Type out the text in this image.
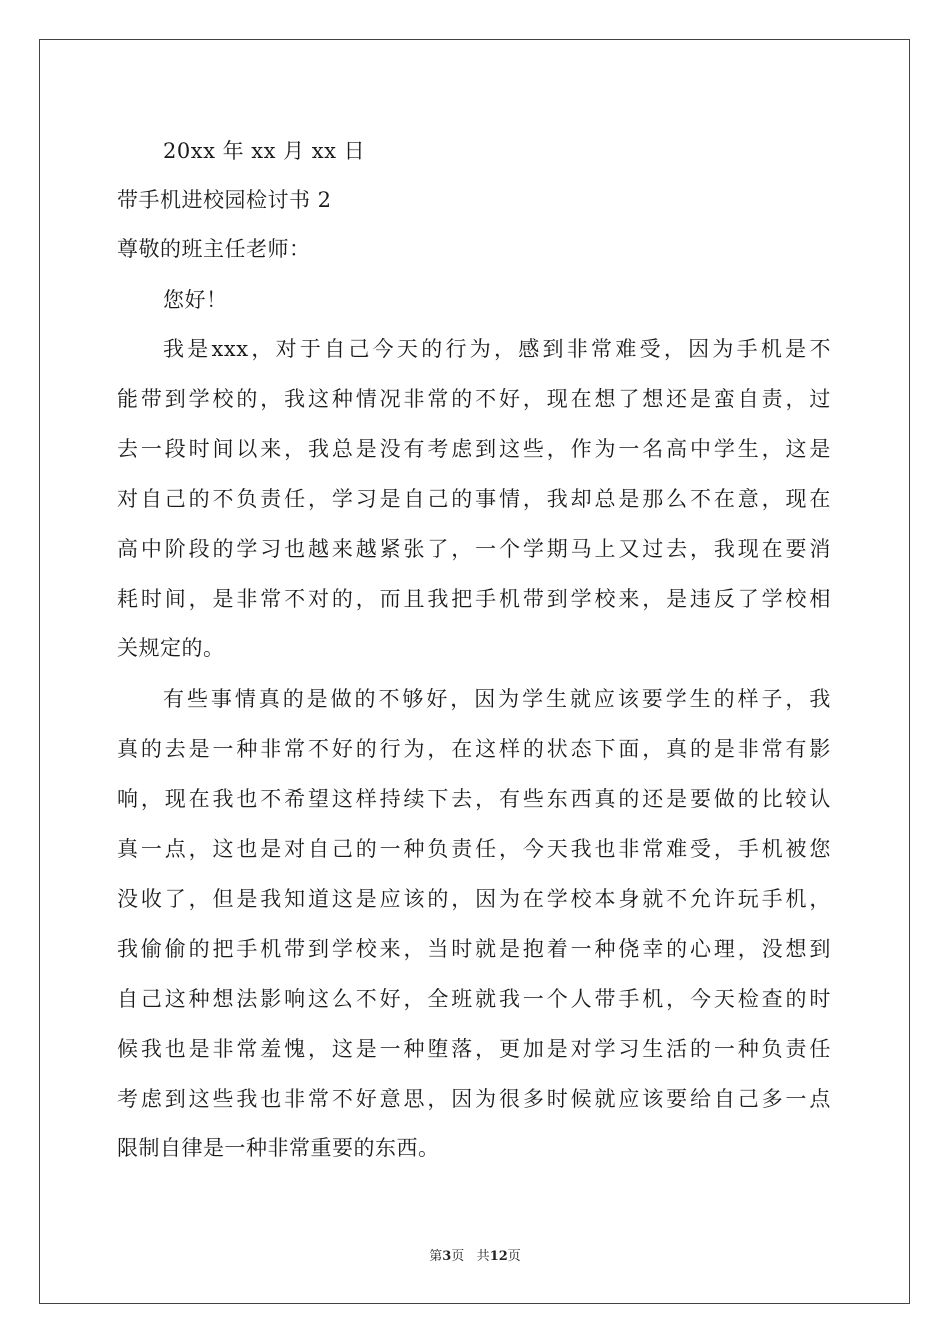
20xx 年 xx 月 xx 日
带手机进校园检讨书 2
尊敬的班主任老师：
您好！
我 是 xxx ， 对 于 自 己 今 天 的 行 为 ， 感 到 非 常 难 受 ， 因 为 手 机 是 不
能 带 到 学 校 的 ， 我 这 种 情 况 非 常 的 不 好 ， 现 在 想 了 想 还 是 蛮 自 责 ， 过
去 一 段 时 间 以 来 ， 我 总 是 没 有 考 虑 到 这 些 ， 作 为 一 名 高 中 学 生 ， 这 是
对 自 己 的 不 负 责 任 ， 学 习 是 自 己 的 事 情 ， 我 却 总 是 那 么 不 在 意 ， 现 在
高 中 阶 段 的 学 习 也 越 来 越 紧 张 了 ， 一 个 学 期 马 上 又 过 去 ， 我 现 在 要 消
耗 时 间 ， 是 非 常 不 对 的 ， 而 且 我 把 手 机 带 到 学 校 来 ， 是 违 反 了 学 校 相
关规定的。
有 些 事 情 真 的 是 做 的 不 够 好 ， 因 为 学 生 就 应 该 要 学 生 的 样 子 ， 我
真 的 去 是 一 种 非 常 不 好 的 行 为 ， 在 这 样 的 状 态 下 面 ， 真 的 是 非 常 有 影
响 ， 现 在 我 也 不 希 望 这 样 持 续 下 去 ， 有 些 东 西 真 的 还 是 要 做 的 比 较 认
真 一 点 ， 这 也 是 对 自 己 的 一 种 负 责 任 ， 今 天 我 也 非 常 难 受 ， 手 机 被 您
没 收 了 ， 但 是 我 知 道 这 是 应 该 的 ， 因 为 在 学 校 本 身 就 不 允 许 玩 手 机 ，
我 偷 偷 的 把 手 机 带 到 学 校 来 ， 当 时 就 是 抱 着 一 种 侥 幸 的 心 理 ， 没 想 到
自 己 这 种 想 法 影 响 这 么 不 好 ， 全 班 就 我 一 个 人 带 手 机 ， 今 天 检 查 的 时
候 我 也 是 非 常 羞 愧 ， 这 是 一 种 堕 落 ， 更 加 是 对 学 习 生 活 的 一 种 负 责 任
考 虑 到 这 些 我 也 非 常 不 好 意 思 ， 因 为 很 多 时 候 就 应 该 要 给 自 己 多 一 点
限制自律是一种非常重要的东西。
第3页 共12页
